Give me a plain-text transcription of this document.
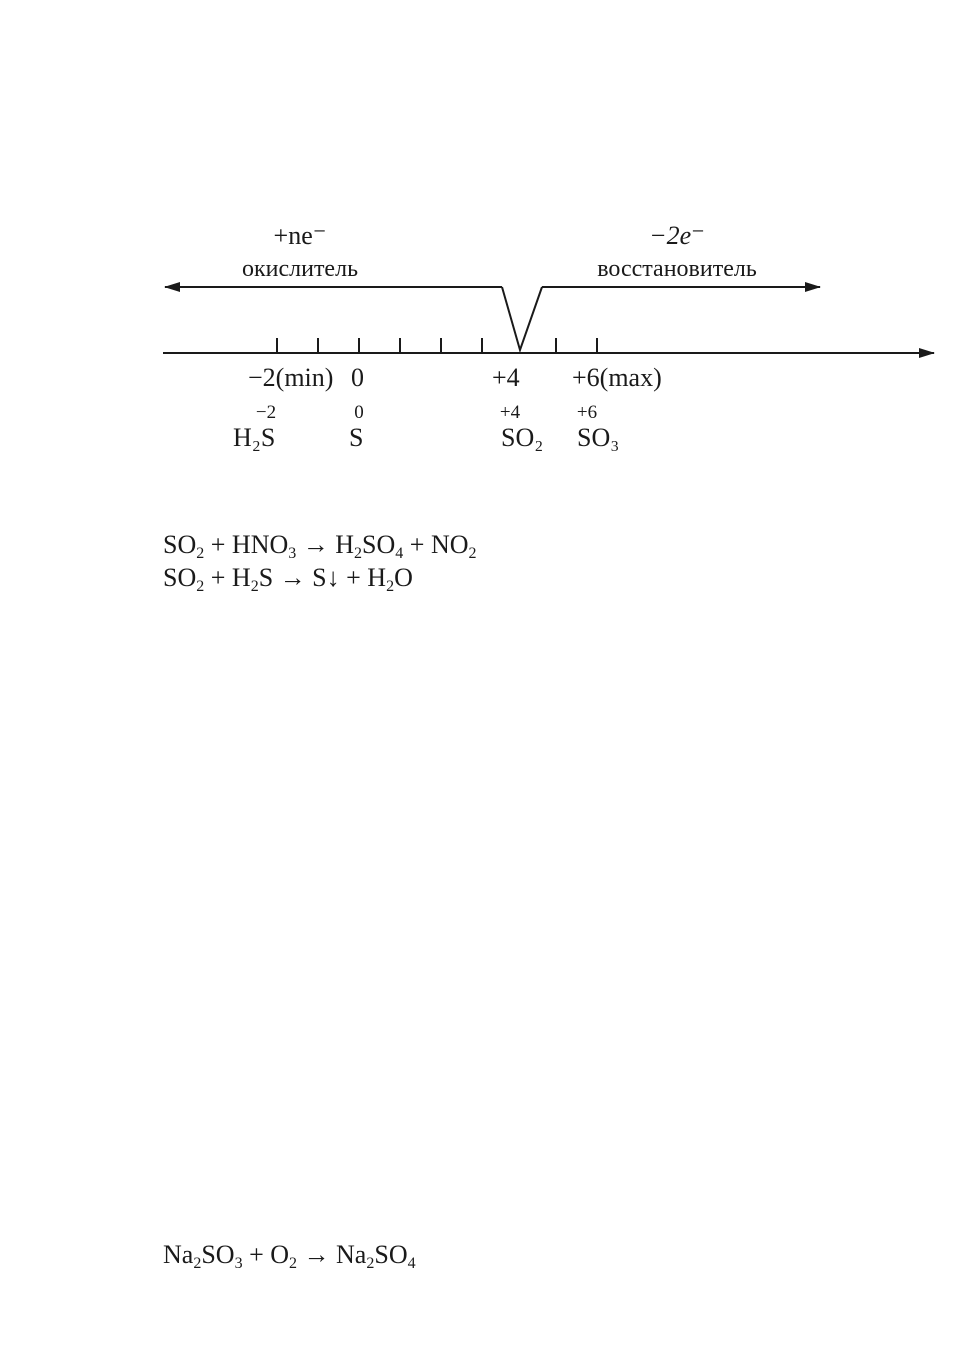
+ne⁻
окислитель
−2e⁻
восстановитель
−2(min) 0	+4 +6(max)
−2	0	+4	+6
H₂S	S	SO₂ SO₃
$SO_2 + HNO_3 \to H_2SO_4 + NO_2$
$SO_2 + H_2S$ → S↓ + $H_2O$
$Na_2SO_3 + O_2 \to Na_2SO_4$
